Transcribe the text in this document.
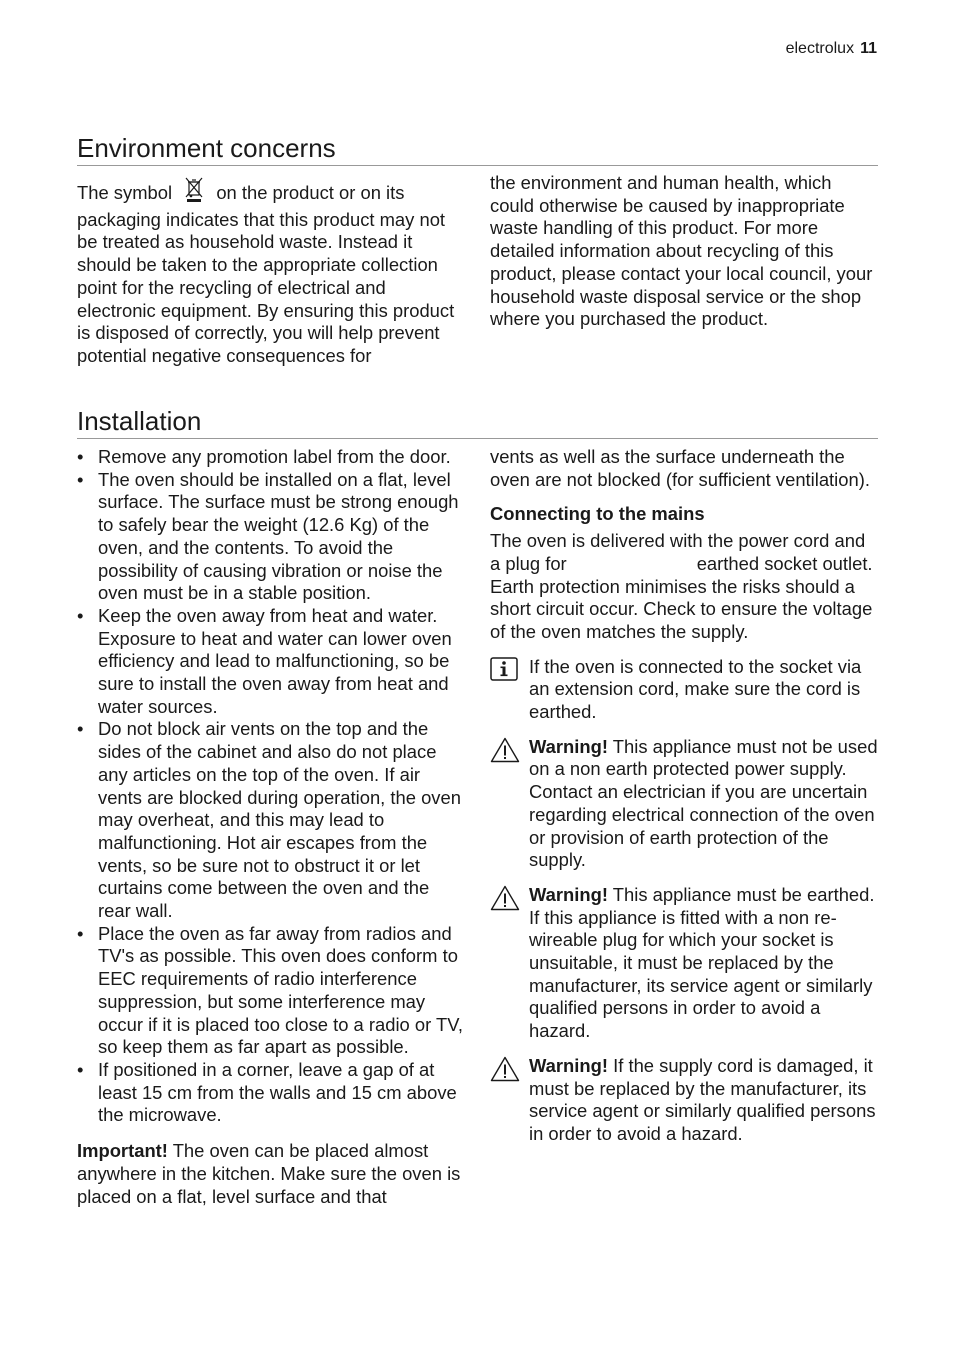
electrolux 11
Environment concerns

The symbol on the product or on its packaging indicates that this product may not be treated as household waste. Instead it should be taken to the appropriate collection point for the recycling of electrical and electronic equipment. By ensuring this product is disposed of correctly, you will help prevent potential negative consequences for

the environment and human health, which could otherwise be caused by inappropriate waste handling of this product. For more detailed information about recycling of this product, please contact your local council, your household waste disposal service or the shop where you purchased the product.

Installation
• Remove any promotion label from the door.
• The oven should be installed on a flat, level surface. The surface must be strong enough to safely bear the weight (12.6 Kg) of the oven, and the contents. To avoid the possibility of causing vibration or noise the oven must be in a stable position.
• Keep the oven away from heat and water. Exposure to heat and water can lower oven efficiency and lead to malfunctioning, so be sure to install the oven away from heat and water sources.
• Do not block air vents on the top and the sides of the cabinet and also do not place any articles on the top of the oven. If air vents are blocked during operation, the oven may overheat, and this may lead to malfunctioning. Hot air escapes from the vents, so be sure not to obstruct it or let curtains come between the oven and the rear wall.
• Place the oven as far away from radios and TV's as possible. This oven does conform to EEC requirements of radio interference suppression, but some interference may occur if it is placed too close to a radio or TV, so keep them as far apart as possible.
• If positioned in a corner, leave a gap of at least 15 cm from the walls and 15 cm above the microwave.

Important! The oven can be placed almost anywhere in the kitchen. Make sure the oven is placed on a flat, level surface and that

vents as well as the surface underneath the oven are not blocked (for sufficient ventilation).

Connecting to the mains

The oven is delivered with the power cord and a plug for	earthed socket outlet. Earth protection minimises the risks should a short circuit occur. Check to ensure the voltage of the oven matches the supply.

If the oven is connected to the socket via an extension cord, make sure the cord is earthed.

Warning! This appliance must not be used on a non earth protected power supply. Contact an electrician if you are uncertain regarding electrical connection of the oven or provision of earth protection of the supply.

Warning! This appliance must be earthed. If this appliance is fitted with a non re-wireable plug for which your socket is unsuitable, it must be replaced by the manufacturer, its service agent or similarly qualified persons in order to avoid a hazard.

Warning! If the supply cord is damaged, it must be replaced by the manufacturer, its service agent or similarly qualified persons in order to avoid a hazard.
